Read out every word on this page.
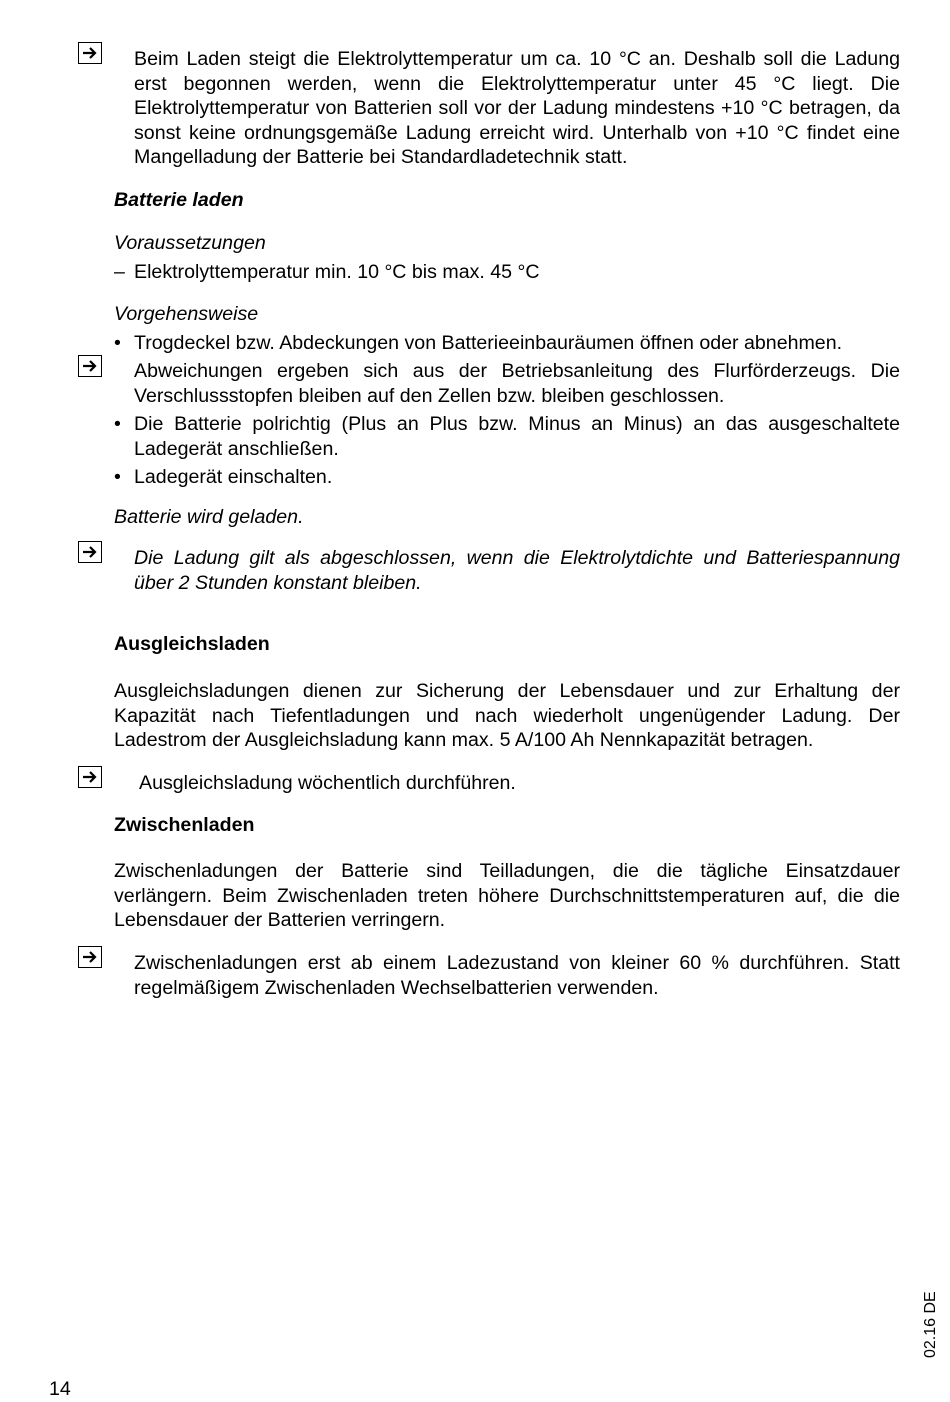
Beim Laden steigt die Elektrolyttemperatur um ca. 10 °C an. Deshalb soll die Ladung erst begonnen werden, wenn die Elektrolyttemperatur unter 45 °C liegt. Die Elektrolyttemperatur von Batterien soll vor der Ladung mindestens +10 °C betragen, da sonst keine ordnungsgemäße Ladung erreicht wird. Unterhalb von +10 °C findet eine Mangelladung der Batterie bei Standardladetechnik statt.
Batterie laden
Voraussetzungen
– Elektrolyttemperatur min. 10 °C bis max. 45 °C
Vorgehensweise
• Trogdeckel bzw. Abdeckungen von Batterieeinbauräumen öffnen oder abnehmen.
Abweichungen ergeben sich aus der Betriebsanleitung des Flurförderzeugs. Die Verschlussstopfen bleiben auf den Zellen bzw. bleiben geschlossen.
• Die Batterie polrichtig (Plus an Plus bzw. Minus an Minus) an das ausgeschaltete Ladegerät anschließen.
• Ladegerät einschalten.
Batterie wird geladen.
Die Ladung gilt als abgeschlossen, wenn die Elektrolytdichte und Batteriespannung über 2 Stunden konstant bleiben.
Ausgleichsladen
Ausgleichsladungen dienen zur Sicherung der Lebensdauer und zur Erhaltung der Kapazität nach Tiefentladungen und nach wiederholt ungenügender Ladung. Der Ladestrom der Ausgleichsladung kann max. 5 A/100 Ah Nennkapazität betragen.
Ausgleichsladung wöchentlich durchführen.
Zwischenladen
Zwischenladungen der Batterie sind Teilladungen, die die tägliche Einsatzdauer verlängern. Beim Zwischenladen treten höhere Durchschnittstemperaturen auf, die die Lebensdauer der Batterien verringern.
Zwischenladungen erst ab einem Ladezustand von kleiner 60 % durchführen. Statt regelmäßigem Zwischenladen Wechselbatterien verwenden.
14
02.16 DE
